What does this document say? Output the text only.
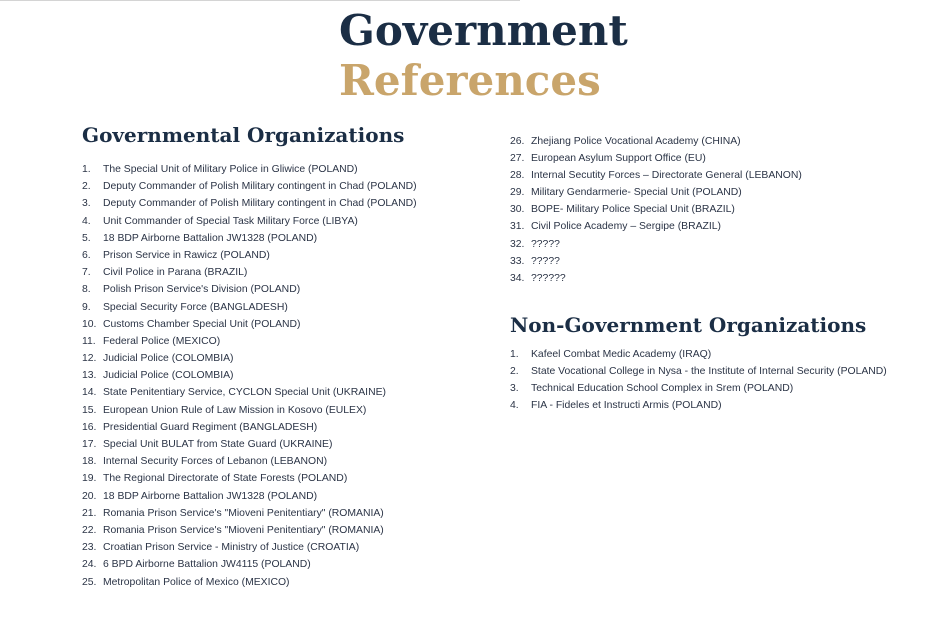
Government
References
Governmental Organizations
1.	The Special Unit of Military Police in Gliwice (POLAND)
2.	Deputy Commander of Polish Military contingent in Chad (POLAND)
3.	Deputy Commander of Polish Military contingent in Chad (POLAND)
4.	Unit Commander of Special Task Military Force (LIBYA)
5.	18 BDP Airborne Battalion JW1328 (POLAND)
6.	Prison Service in Rawicz (POLAND)
7.	Civil Police in Parana (BRAZIL)
8.	Polish Prison Service's Division (POLAND)
9.	Special Security Force (BANGLADESH)
10. Customs Chamber Special Unit (POLAND)
11. Federal Police (MEXICO)
12. Judicial Police (COLOMBIA)
13. Judicial Police (COLOMBIA)
14. State Penitentiary Service, CYCLON Special Unit (UKRAINE)
15. European Union Rule of Law Mission in Kosovo (EULEX)
16. Presidential Guard Regiment (BANGLADESH)
17. Special Unit BULAT from State Guard (UKRAINE)
18. Internal Security Forces of Lebanon (LEBANON)
19. The Regional Directorate of State Forests (POLAND)
20. 18 BDP Airborne Battalion JW1328 (POLAND)
21. Romania Prison Service's "Mioveni Penitentiary" (ROMANIA)
22. Romania Prison Service's "Mioveni Penitentiary" (ROMANIA)
23. Croatian Prison Service - Ministry of Justice (CROATIA)
24. 6 BPD Airborne Battalion JW4115 (POLAND)
25. Metropolitan Police of Mexico (MEXICO)
26. Zhejiang Police Vocational Academy (CHINA)
27. European Asylum Support Office (EU)
28. Internal Secutity Forces – Directorate General (LEBANON)
29. Military Gendarmerie- Special Unit (POLAND)
30. BOPE- Military Police Special Unit (BRAZIL)
31. Civil Police Academy – Sergipe (BRAZIL)
32. ?????
33. ?????
34. ??????
Non-Government Organizations
1.	Kafeel Combat Medic Academy (IRAQ)
2.	State Vocational College in Nysa - the Institute of Internal Security (POLAND)
3.	Technical Education School Complex in Srem (POLAND)
4.	FIA - Fideles et Instructi Armis (POLAND)
